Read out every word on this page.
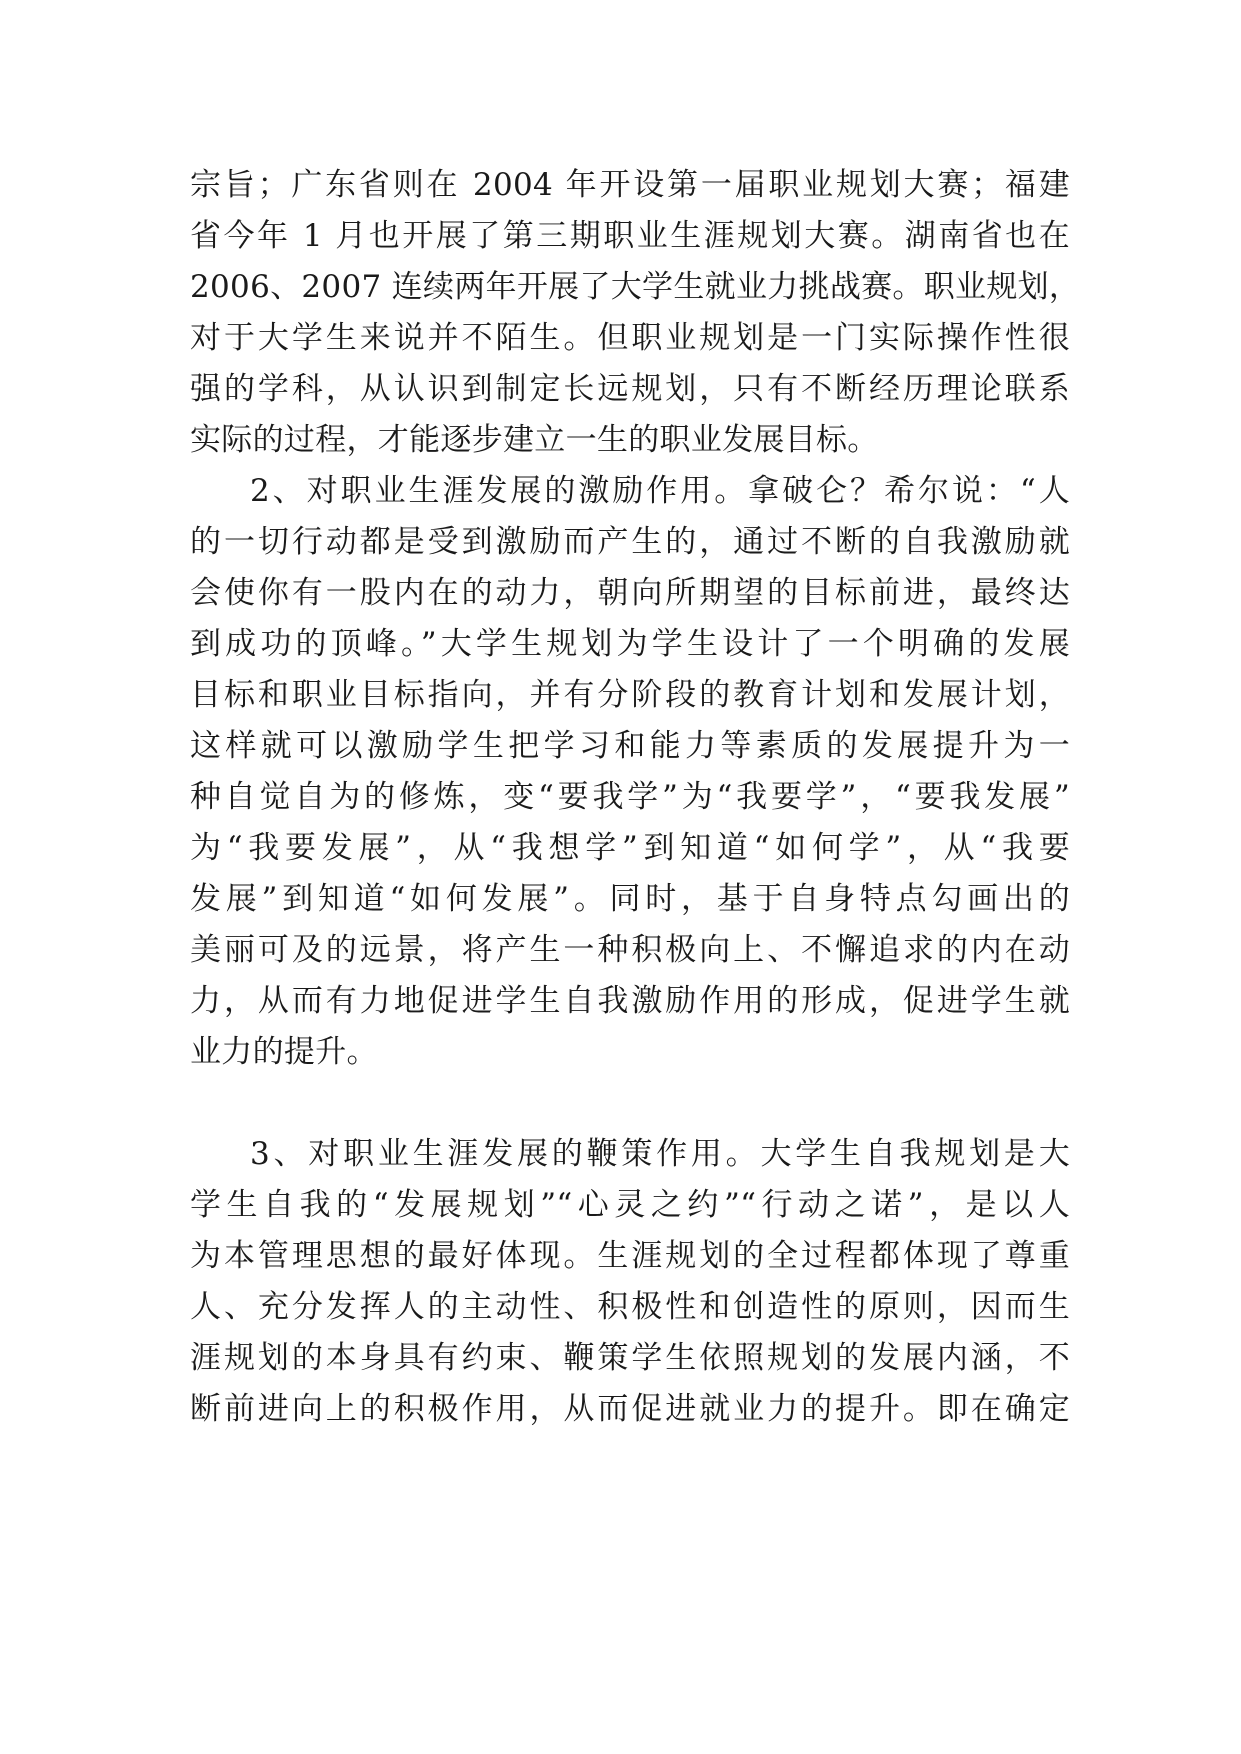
宗旨；广东省则在 2004 年开设第一届职业规划大赛；福建
省今年 1 月也开展了第三期职业生涯规划大赛。湖南省也在
2006、2007 连续两年开展了大学生就业力挑战赛。职业规划，
对于大学生来说并不陌生。但职业规划是一门实际操作性很
强的学科，从认识到制定长远规划，只有不断经历理论联系
实际的过程，才能逐步建立一生的职业发展目标。
2、对职业生涯发展的激励作用。拿破仑？希尔说：“人
的一切行动都是受到激励而产生的，通过不断的自我激励就
会使你有一股内在的动力，朝向所期望的目标前进，最终达
到成功的顶峰。”大学生规划为学生设计了一个明确的发展
目标和职业目标指向，并有分阶段的教育计划和发展计划，
这样就可以激励学生把学习和能力等素质的发展提升为一
种自觉自为的修炼，变“要我学”为“我要学”，“要我发展”
为“我要发展”，从“我想学”到知道“如何学”，从“我要
发展”到知道“如何发展”。同时，基于自身特点勾画出的
美丽可及的远景，将产生一种积极向上、不懈追求的内在动
力，从而有力地促进学生自我激励作用的形成，促进学生就
业力的提升。
3、对职业生涯发展的鞭策作用。大学生自我规划是大
学生自我的“发展规划”“心灵之约”“行动之诺”，是以人
为本管理思想的最好体现。生涯规划的全过程都体现了尊重
人、充分发挥人的主动性、积极性和创造性的原则，因而生
涯规划的本身具有约束、鞭策学生依照规划的发展内涵，不
断前进向上的积极作用，从而促进就业力的提升。即在确定
